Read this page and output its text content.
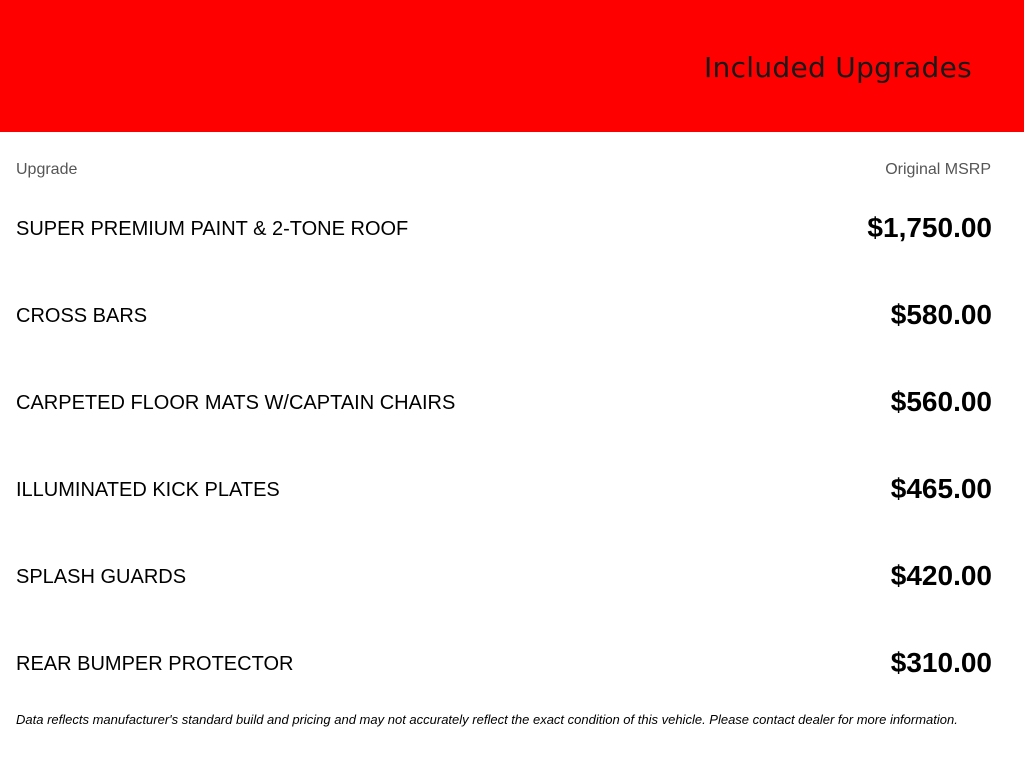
Included Upgrades
Upgrade	Original MSRP
SUPER PREMIUM PAINT & 2-TONE ROOF	$1,750.00
CROSS BARS	$580.00
CARPETED FLOOR MATS W/CAPTAIN CHAIRS	$560.00
ILLUMINATED KICK PLATES	$465.00
SPLASH GUARDS	$420.00
REAR BUMPER PROTECTOR	$310.00
Data reflects manufacturer's standard build and pricing and may not accurately reflect the exact condition of this vehicle. Please contact dealer for more information.
